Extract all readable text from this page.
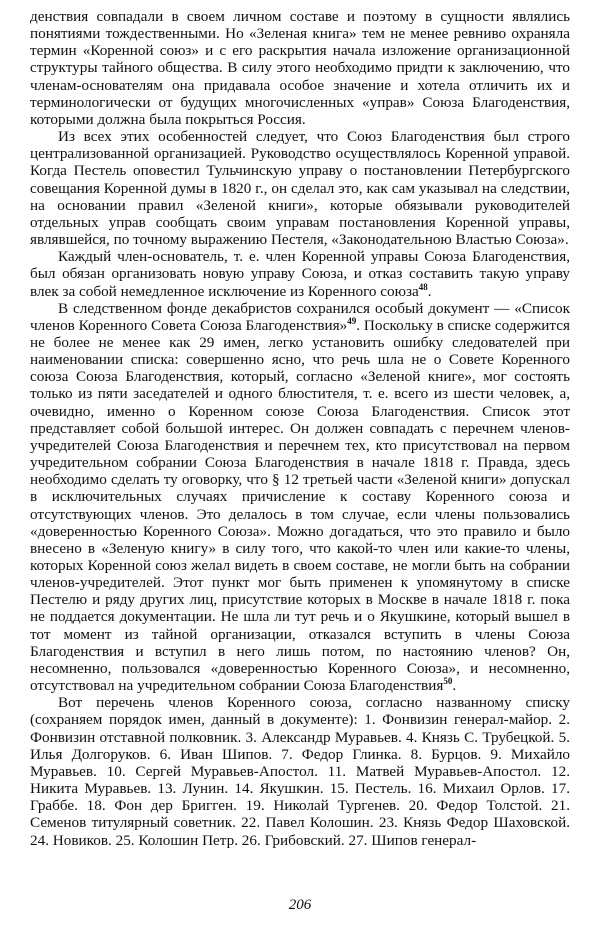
денствия совпадали в своем личном составе и поэтому в сущности являлись понятиями тождественными. Но «Зеленая книга» тем не менее ревниво охраняла термин «Коренной союз» и с его раскрытия начала изложение организационной структуры тайного общества. В силу этого необходимо придти к заключению, что членам-основателям она придавала особое значение и хотела отличить их и терминологически от будущих многочисленных «управ» Союза Благоденствия, которыми должна была покрыться Россия.

Из всех этих особенностей следует, что Союз Благоденствия был строго централизованной организацией. Руководство осуществлялось Коренной управой. Когда Пестель оповестил Тульчинскую управу о постановлении Петербургского совещания Коренной думы в 1820 г., он сделал это, как сам указывал на следствии, на основании правил «Зеленой книги», которые обязывали руководителей отдельных управ сообщать своим управам постановления Коренной управы, являвшейся, по точному выражению Пестеля, «Законодательною Властью Союза».

Каждый член-основатель, т. е. член Коренной управы Союза Благоденствия, был обязан организовать новую управу Союза, и отказ составить такую управу влек за собой немедленное исключение из Коренного союза$^{48}$.

В следственном фонде декабристов сохранился особый документ — «Список членов Коренного Совета Союза Благоденствия»$^{49}$. Поскольку в списке содержится не более не менее как 29 имен, легко установить ошибку следователей при наименовании списка: совершенно ясно, что речь шла не о Совете Коренного союза Союза Благоденствия, который, согласно «Зеленой книге», мог состоять только из пяти заседателей и одного блюстителя, т. е. всего из шести человек, а, очевидно, именно о Коренном союзе Союза Благоденствия. Список этот представляет собой большой интерес. Он должен совпадать с перечнем членов-учредителей Союза Благоденствия и перечнем тех, кто присутствовал на первом учредительном собрании Союза Благоденствия в начале 1818 г. Правда, здесь необходимо сделать ту оговорку, что § 12 третьей части «Зеленой книги» допускал в исключительных случаях причисление к составу Коренного союза и отсутствующих членов. Это делалось в том случае, если члены пользовались «доверенностью Коренного Союза». Можно догадаться, что это правило и было внесено в «Зеленую книгу» в силу того, что какой-то член или какие-то члены, которых Коренной союз желал видеть в своем составе, не могли быть на собрании членов-учредителей. Этот пункт мог быть применен к упомянутому в списке Пестелю и ряду других лиц, присутствие которых в Москве в начале 1818 г. пока не поддается документации. Не шла ли тут речь и о Якушкине, который вышел в тот момент из тайной организации, отказался вступить в члены Союза Благоденствия и вступил в него лишь потом, по настоянию членов? Он, несомненно, пользовался «доверенностью Коренного Союза», и несомненно, отсутствовал на учредительном собрании Союза Благоденствия$^{50}$.

Вот перечень членов Коренного союза, согласно названному списку (сохраняем порядок имен, данный в документе): 1. Фонвизин генерал-майор. 2. Фонвизин отставной полковник. 3. Александр Муравьев. 4. Князь С. Трубецкой. 5. Илья Долгоруков. 6. Иван Шипов. 7. Федор Глинка. 8. Бурцов. 9. Михайло Муравьев. 10. Сергей Муравьев-Апостол. 11. Матвей Муравьев-Апостол. 12. Никита Муравьев. 13. Лунин. 14. Якушкин. 15. Пестель. 16. Михаил Орлов. 17. Граббе. 18. Фон дер Бригген. 19. Николай Тургенев. 20. Федор Толстой. 21. Семенов титулярный советник. 22. Павел Колошин. 23. Князь Федор Шаховской. 24. Новиков. 25. Колошин Петр. 26. Грибовский. 27. Шипов генерал-

206
